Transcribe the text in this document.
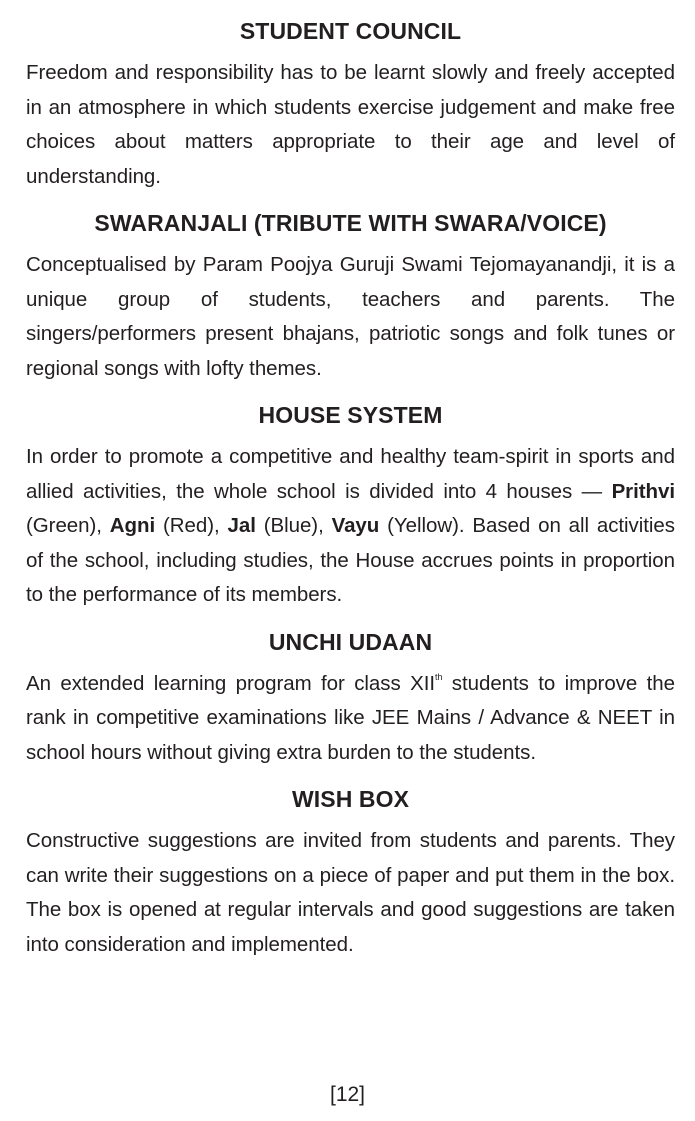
STUDENT COUNCIL

Freedom and responsibility has to be learnt slowly and freely accepted in an atmosphere in which students exercise judgement and make free choices about matters appropriate to their age and level of understanding.

SWARANJALI (TRIBUTE WITH SWARA/VOICE)

Conceptualised by Param Poojya Guruji Swami Tejomayanandji, it is a unique group of students, teachers and parents. The singers/performers present bhajans, patriotic songs and folk tunes or regional songs with lofty themes.

HOUSE SYSTEM

In order to promote a competitive and healthy team-spirit in sports and allied activities, the whole school is divided into 4 houses — Prithvi (Green), Agni (Red), Jal (Blue), Vayu (Yellow). Based on all activities of the school, including studies, the House accrues points in proportion to the performance of its members.

UNCHI UDAAN

An extended learning program for class XIIth students to improve the rank in competitive examinations like JEE Mains / Advance & NEET in school hours without giving extra burden to the students.

WISH BOX

Constructive suggestions are invited from students and parents. They can write their suggestions on a piece of paper and put them in the box. The box is opened at regular intervals and good suggestions are taken into consideration and implemented.

[12]
